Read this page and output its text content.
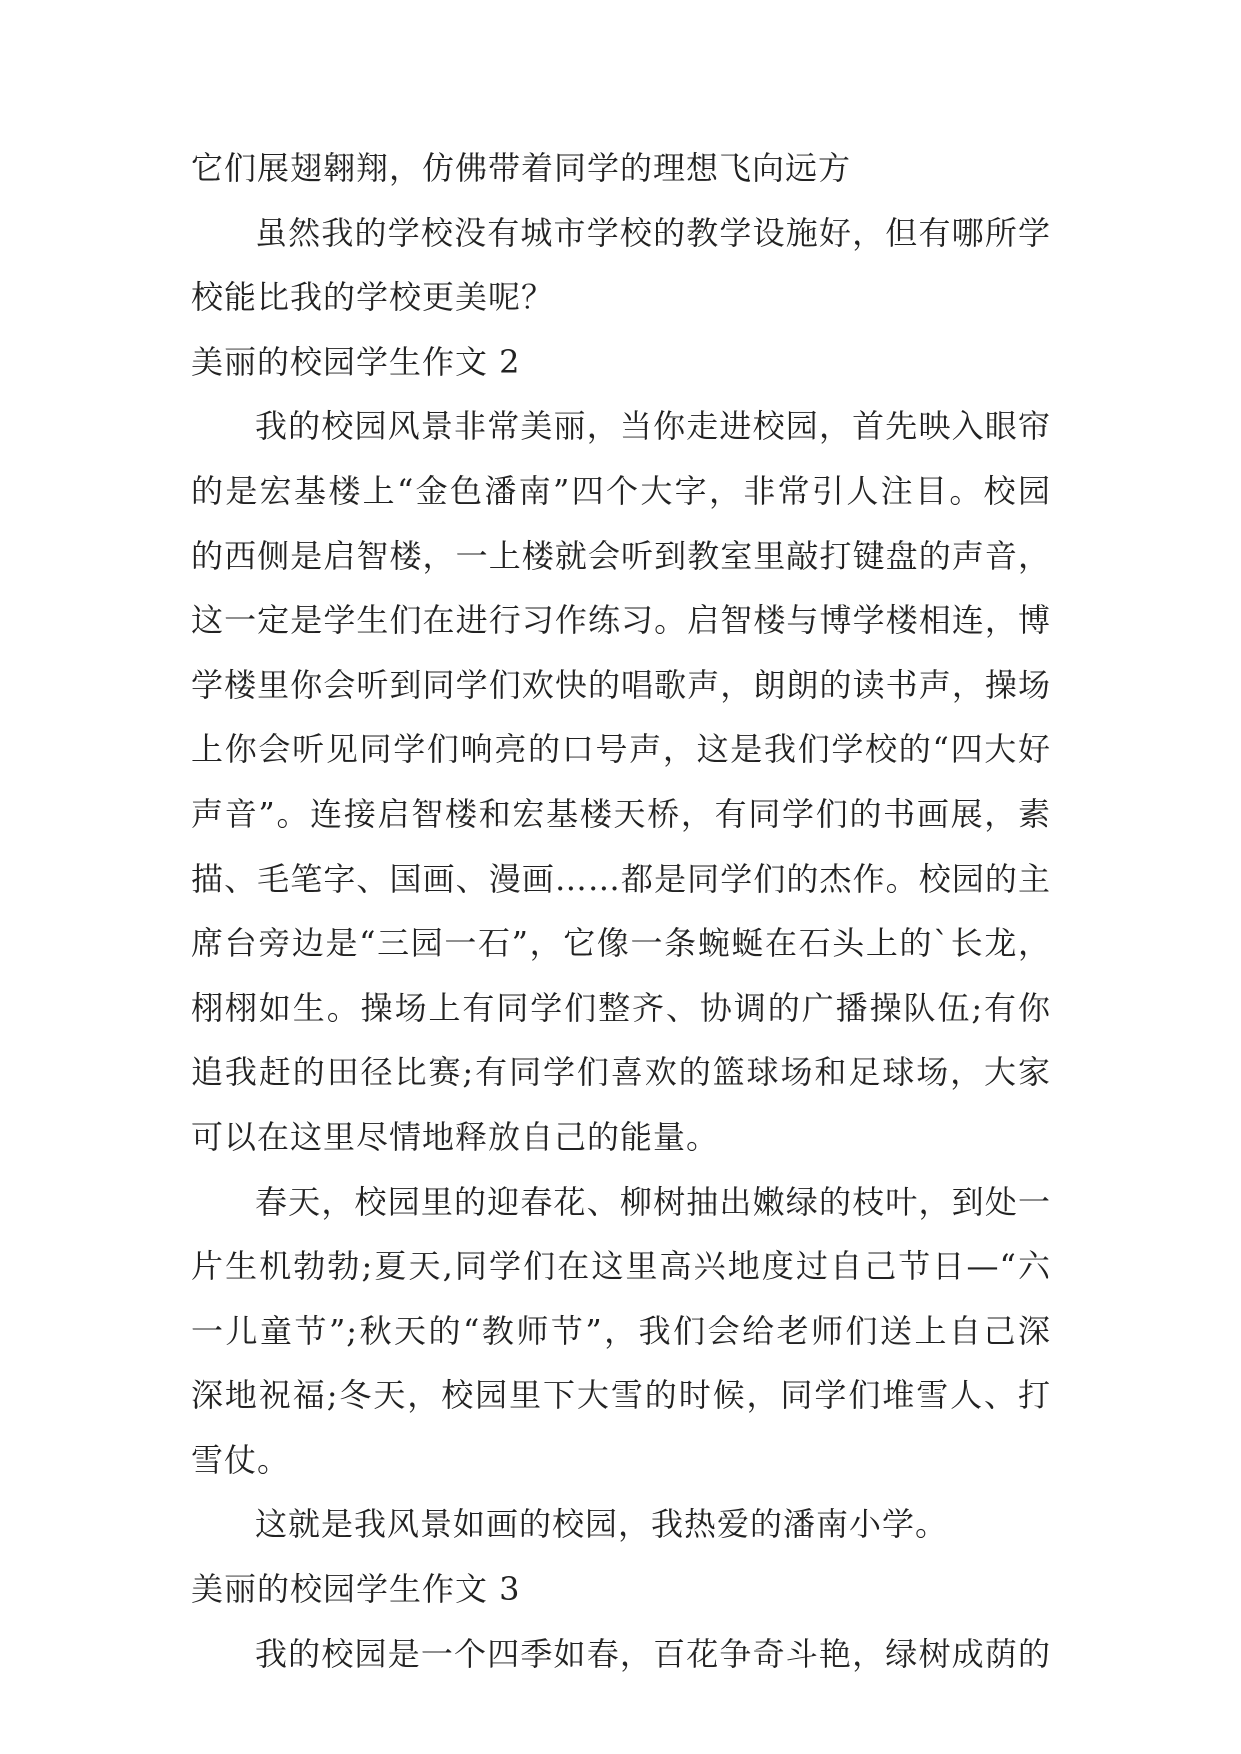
它们展翅翱翔，仿佛带着同学的理想飞向远方
虽然我的学校没有城市学校的教学设施好，但有哪所学
校能比我的学校更美呢？
美丽的校园学生作文 2
我的校园风景非常美丽，当你走进校园，首先映入眼帘
的是宏基楼上“金色潘南”四个大字，非常引人注目。校园
的西侧是启智楼，一上楼就会听到教室里敲打键盘的声音，
这一定是学生们在进行习作练习。启智楼与博学楼相连，博
学楼里你会听到同学们欢快的唱歌声，朗朗的读书声，操场
上你会听见同学们响亮的口号声，这是我们学校的“四大好
声音”。连接启智楼和宏基楼天桥，有同学们的书画展，素
描、毛笔字、国画、漫画……都是同学们的杰作。校园的主
席台旁边是“三园一石”，它像一条蜿蜒在石头上的`长龙，
栩栩如生。操场上有同学们整齐、协调的广播操队伍;有你
追我赶的田径比赛;有同学们喜欢的篮球场和足球场，大家
可以在这里尽情地释放自己的能量。
春天，校园里的迎春花、柳树抽出嫩绿的枝叶，到处一
片生机勃勃;夏天,同学们在这里高兴地度过自己节日—“六
一儿童节”;秋天的“教师节”，我们会给老师们送上自己深
深地祝福;冬天，校园里下大雪的时候，同学们堆雪人、打
雪仗。
这就是我风景如画的校园，我热爱的潘南小学。
美丽的校园学生作文 3
我的校园是一个四季如春，百花争奇斗艳，绿树成荫的
